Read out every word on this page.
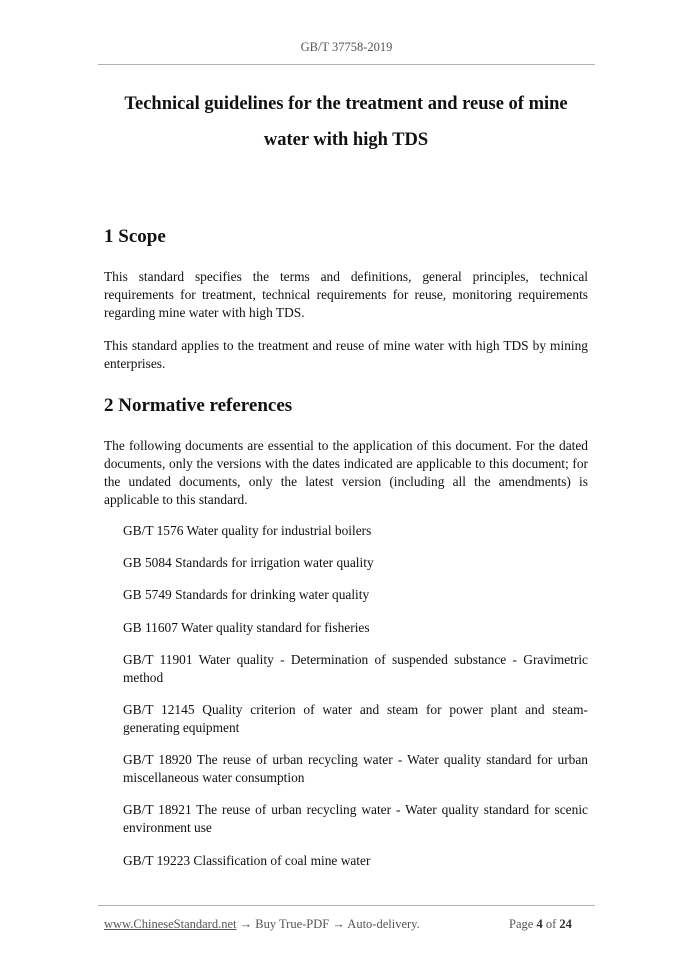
GB/T 37758-2019
Technical guidelines for the treatment and reuse of mine
water with high TDS
1 Scope

This standard specifies the terms and definitions, general principles, technical requirements for treatment, technical requirements for reuse, monitoring requirements regarding mine water with high TDS.

This standard applies to the treatment and reuse of mine water with high TDS by mining enterprises.

2 Normative references

The following documents are essential to the application of this document. For the dated documents, only the versions with the dates indicated are applicable to this document; for the undated documents, only the latest version (including all the amendments) is applicable to this standard.

GB/T 1576 Water quality for industrial boilers
GB 5084 Standards for irrigation water quality
GB 5749 Standards for drinking water quality
GB 11607 Water quality standard for fisheries
GB/T 11901 Water quality - Determination of suspended substance - Gravimetric method
GB/T 12145 Quality criterion of water and steam for power plant and steam-generating equipment
GB/T 18920 The reuse of urban recycling water - Water quality standard for urban miscellaneous water consumption
GB/T 18921 The reuse of urban recycling water - Water quality standard for scenic environment use
GB/T 19223 Classification of coal mine water
www.ChineseStandard.net → Buy True-PDF → Auto-delivery.	Page 4 of 24
